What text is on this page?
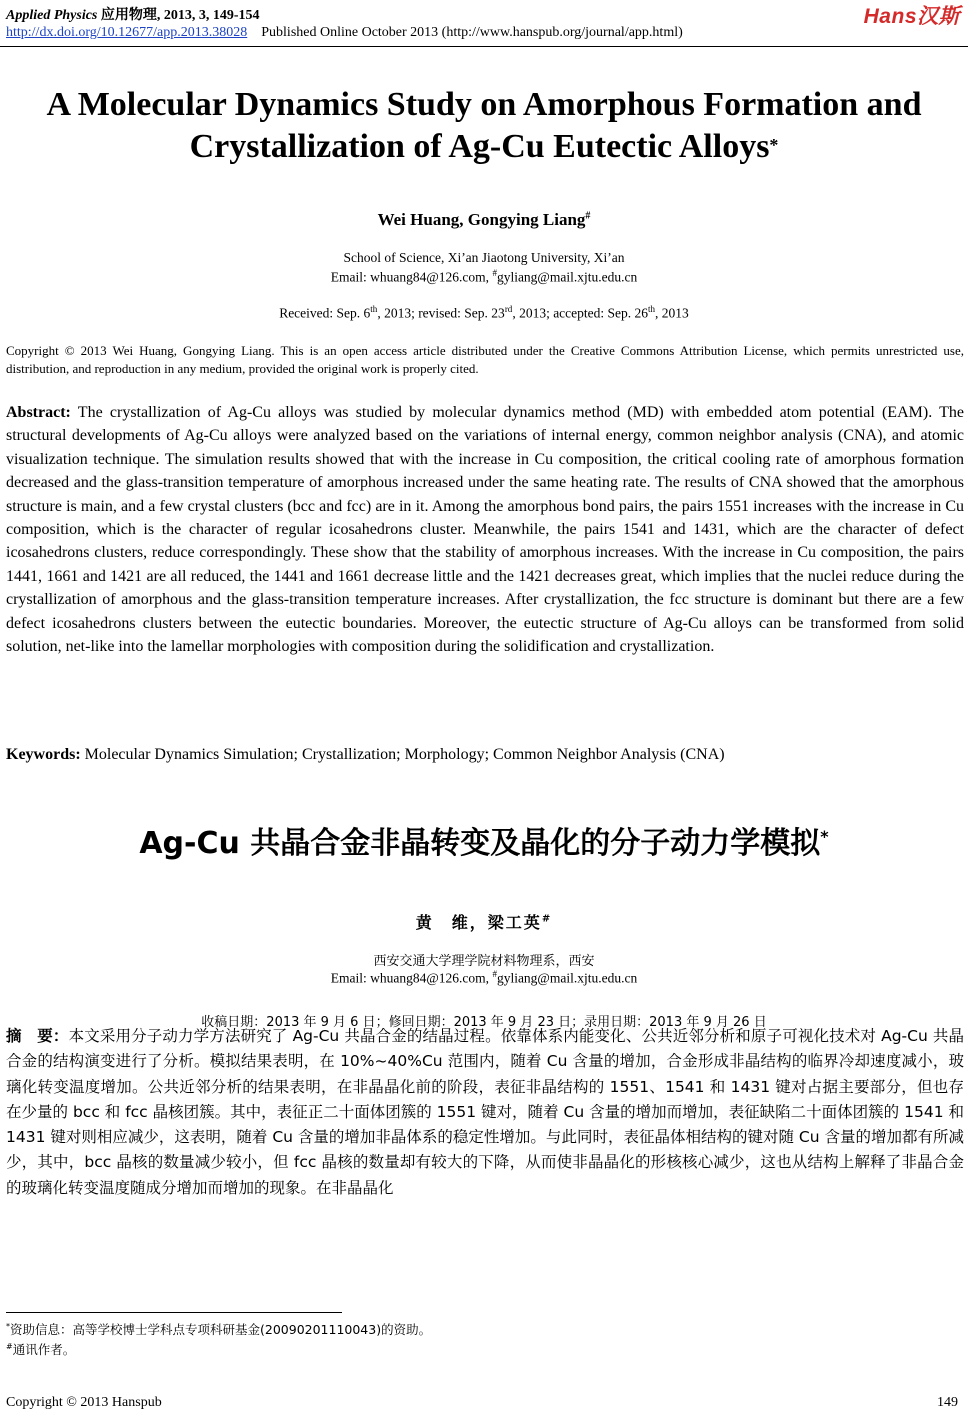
Applied Physics 应用物理, 2013, 3, 149-154	Hans汉斯
http://dx.doi.org/10.12677/app.2013.38028 Published Online October 2013 (http://www.hanspub.org/journal/app.html)
A Molecular Dynamics Study on Amorphous Formation and
Crystallization of Ag-Cu Eutectic Alloys*
Wei Huang, Gongying Liang#
School of Science, Xi’an Jiaotong University, Xi’an
Email: whuang84@126.com, #gyliang@mail.xjtu.edu.cn
Received: Sep. 6th, 2013; revised: Sep. 23rd, 2013; accepted: Sep. 26th, 2013
Copyright © 2013 Wei Huang, Gongying Liang. This is an open access article distributed under the Creative Commons Attribution License, which permits unrestricted use, distribution, and reproduction in any medium, provided the original work is properly cited.
Abstract: The crystallization of Ag-Cu alloys was studied by molecular dynamics method (MD) with embedded atom potential (EAM). The structural developments of Ag-Cu alloys were analyzed based on the variations of internal energy, common neighbor analysis (CNA), and atomic visualization technique. The simulation results showed that with the increase in Cu composition, the critical cooling rate of amorphous formation decreased and the glass-transition temperature of amorphous increased under the same heating rate. The results of CNA showed that the amorphous structure is main, and a few crystal clusters (bcc and fcc) are in it. Among the amorphous bond pairs, the pairs 1551 increases with the increase in Cu composition, which is the character of regular icosahedrons cluster. Meanwhile, the pairs 1541 and 1431, which are the character of defect icosahedrons clusters, reduce correspondingly. These show that the stability of amorphous increases. With the increase in Cu composition, the pairs 1441, 1661 and 1421 are all reduced, the 1441 and 1661 decrease little and the 1421 decreases great, which implies that the nuclei reduce during the crystallization of amorphous and the glass-transition temperature increases. After crystallization, the fcc structure is dominant but there are a few defect icosahedrons clusters between the eutectic boundaries. Moreover, the eutectic structure of Ag-Cu alloys can be transformed from solid solution, net-like into the lamellar morphologies with composition during the solidification and crystallization.
Keywords: Molecular Dynamics Simulation; Crystallization; Morphology; Common Neighbor Analysis (CNA)
Ag-Cu 共晶合金非晶转变及晶化的分子动力学模拟*
黄　维，梁工英#
西安交通大学理学院材料物理系，西安
Email: whuang84@126.com, #gyliang@mail.xjtu.edu.cn
收稿日期：2013 年 9 月 6 日；修回日期：2013 年 9 月 23 日；录用日期：2013 年 9 月 26 日
摘　要：本文采用分子动力学方法研究了 Ag-Cu 共晶合金的结晶过程。依靠体系内能变化、公共近邻分析和原子可视化技术对 Ag-Cu 共晶合金的结构演变进行了分析。模拟结果表明，在 10%~40%Cu 范围内，随着 Cu 含量的增加，合金形成非晶结构的临界冷却速度减小，玻璃化转变温度增加。公共近邻分析的结果表明，在非晶晶化前的阶段，表征非晶结构的 1551、1541 和 1431 键对占据主要部分，但也存在少量的 bcc 和 fcc 晶核团簇。其中，表征正二十面体团簇的 1551 键对，随着 Cu 含量的增加而增加，表征缺陷二十面体团簇的 1541 和 1431 键对则相应减少，这表明，随着 Cu 含量的增加非晶体系的稳定性增加。与此同时，表征晶体相结构的键对随 Cu 含量的增加都有所减少，其中，bcc 晶核的数量减少较小，但 fcc 晶核的数量却有较大的下降，从而使非晶晶化的形核核心减少，这也从结构上解释了非晶合金的玻璃化转变温度随成分增加而增加的现象。在非晶晶化
*资助信息：高等学校博士学科点专项科研基金(20090201110043)的资助。
#通讯作者。
Copyright © 2013 Hanspub	149
